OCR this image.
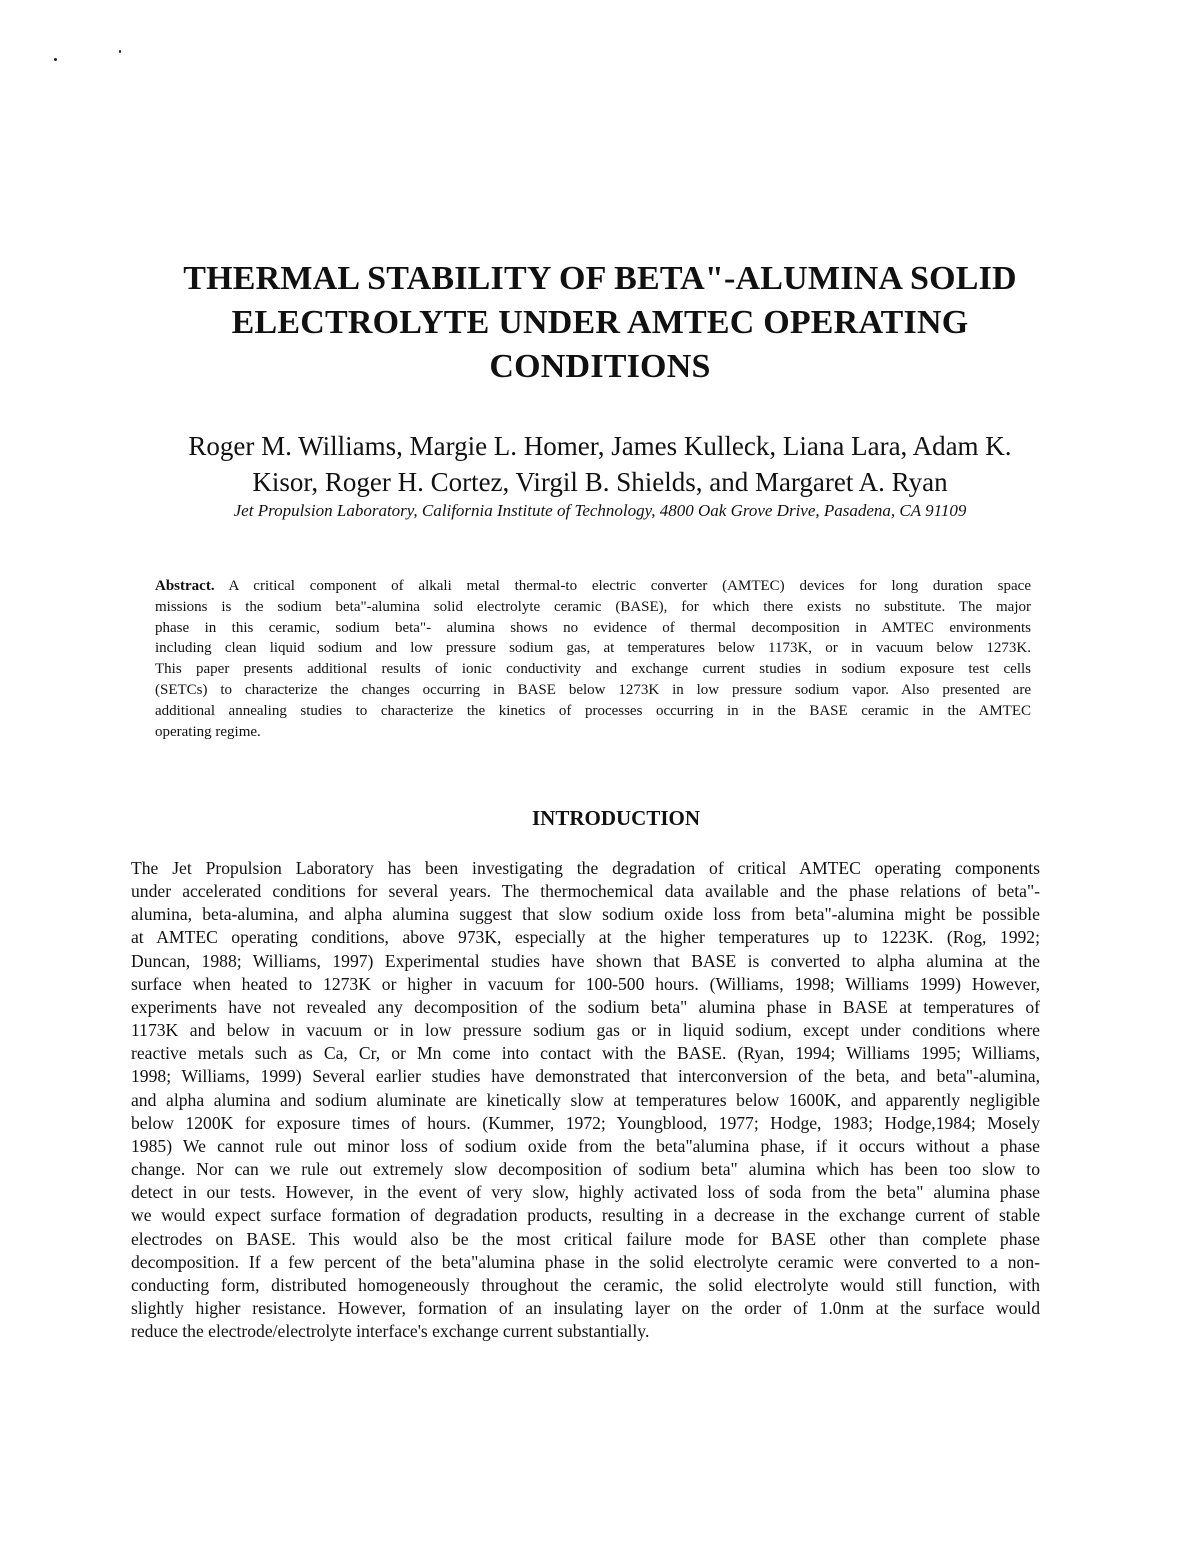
THERMAL STABILITY OF BETA"-ALUMINA SOLID
ELECTROLYTE UNDER AMTEC OPERATING
CONDITIONS
Roger M. Williams, Margie L. Homer, James Kulleck, Liana Lara, Adam K.
Kisor, Roger H. Cortez, Virgil B. Shields, and Margaret A. Ryan
Jet Propulsion Laboratory, California Institute of Technology, 4800 Oak Grove Drive, Pasadena, CA 91109
Abstract. A critical component of alkali metal thermal-to electric converter (AMTEC) devices for long duration space
missions is the sodium beta"-alumina solid electrolyte ceramic (BASE), for which there exists no substitute. The major
phase in this ceramic, sodium beta"- alumina shows no evidence of thermal decomposition in AMTEC environments
including clean liquid sodium and low pressure sodium gas, at temperatures below 1173K, or in vacuum below 1273K.
This paper presents additional results of ionic conductivity and exchange current studies in sodium exposure test cells
(SETCs) to characterize the changes occurring in BASE below 1273K in low pressure sodium vapor. Also presented are
additional annealing studies to characterize the kinetics of processes occurring in in the BASE ceramic in the AMTEC
operating regime.
INTRODUCTION
The Jet Propulsion Laboratory has been investigating the degradation of critical AMTEC operating components
under accelerated conditions for several years. The thermochemical data available and the phase relations of beta"-
alumina, beta-alumina, and alpha alumina suggest that slow sodium oxide loss from beta"-alumina might be possible
at AMTEC operating conditions, above 973K, especially at the higher temperatures up to 1223K. (Rog, 1992;
Duncan, 1988; Williams, 1997) Experimental studies have shown that BASE is converted to alpha alumina at the
surface when heated to 1273K or higher in vacuum for 100-500 hours. (Williams, 1998; Williams 1999) However,
experiments have not revealed any decomposition of the sodium beta" alumina phase in BASE at temperatures of
1173K and below in vacuum or in low pressure sodium gas or in liquid sodium, except under conditions where
reactive metals such as Ca, Cr, or Mn come into contact with the BASE. (Ryan, 1994; Williams 1995; Williams,
1998; Williams, 1999) Several earlier studies have demonstrated that interconversion of the beta, and beta"-alumina,
and alpha alumina and sodium aluminate are kinetically slow at temperatures below 1600K, and apparently negligible
below 1200K for exposure times of hours. (Kummer, 1972; Youngblood, 1977; Hodge, 1983; Hodge,1984; Mosely
1985) We cannot rule out minor loss of sodium oxide from the beta"alumina phase, if it occurs without a phase
change. Nor can we rule out extremely slow decomposition of sodium beta" alumina which has been too slow to
detect in our tests. However, in the event of very slow, highly activated loss of soda from the beta" alumina phase
we would expect surface formation of degradation products, resulting in a decrease in the exchange current of stable
electrodes on BASE. This would also be the most critical failure mode for BASE other than complete phase
decomposition. If a few percent of the beta"alumina phase in the solid electrolyte ceramic were converted to a non-
conducting form, distributed homogeneously throughout the ceramic, the solid electrolyte would still function, with
slightly higher resistance. However, formation of an insulating layer on the order of 1.0nm at the surface would
reduce the electrode/electrolyte interface's exchange current substantially.
